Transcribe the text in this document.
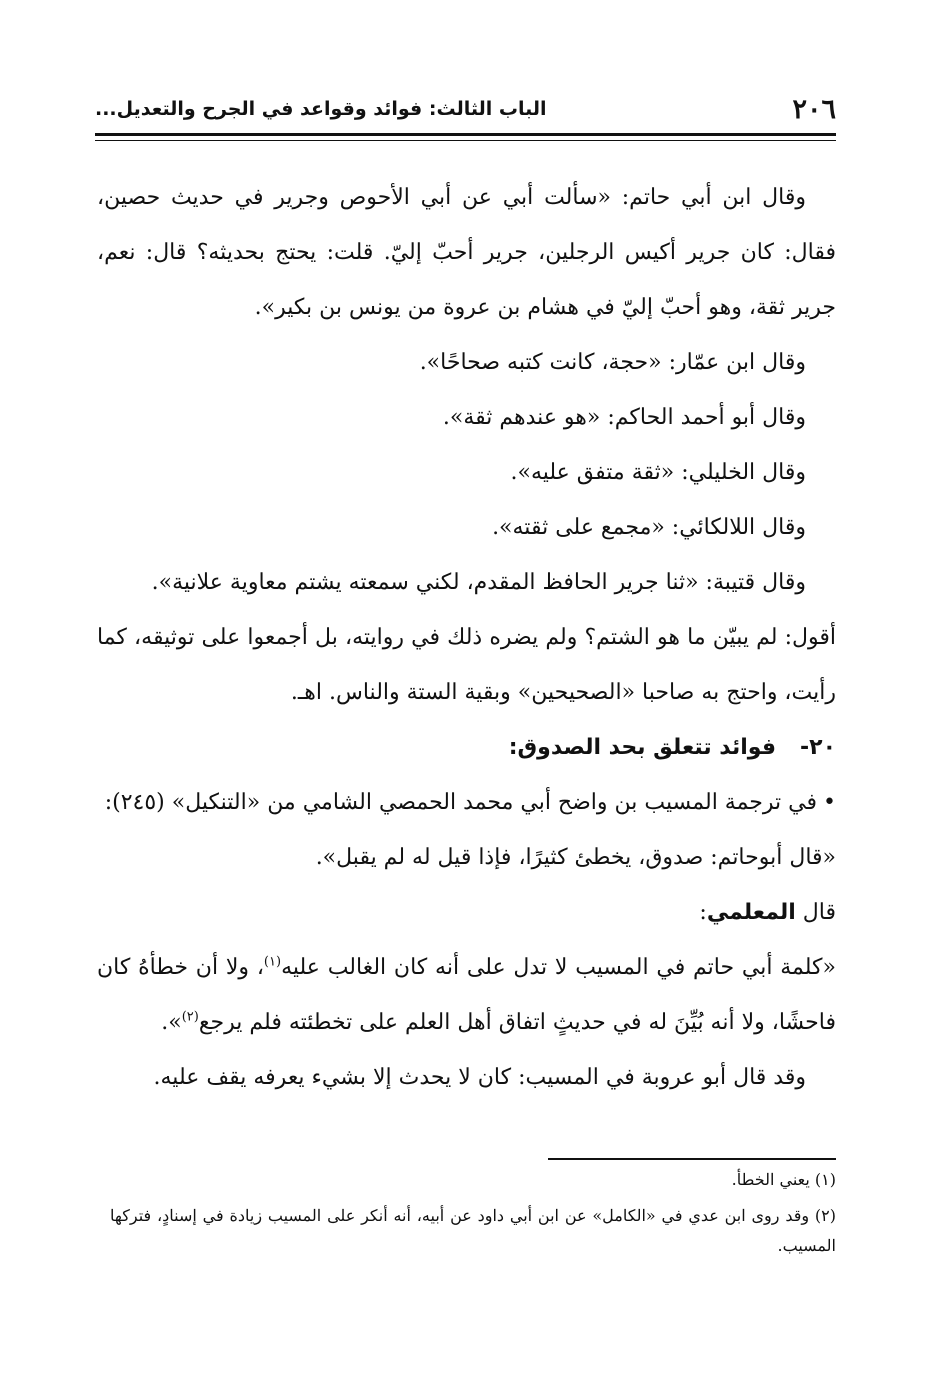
٢٠٦
الباب الثالث: فوائد وقواعد في الجرح والتعديل...

وقال ابن أبي حاتم: «سألت أبي عن أبي الأحوص وجرير في حديث حصين، فقال: كان جرير أكيس الرجلين، جرير أحبّ إليّ. قلت: يحتج بحديثه؟ قال: نعم، جرير ثقة، وهو أحبّ إليّ في هشام بن عروة من يونس بن بكير».

وقال ابن عمّار: «حجة، كانت كتبه صحاحًا».

وقال أبو أحمد الحاكم: «هو عندهم ثقة».

وقال الخليلي: «ثقة متفق عليه».

وقال اللالكائي: «مجمع على ثقته».

وقال قتيبة: «ثنا جرير الحافظ المقدم، لكني سمعته يشتم معاوية علانية».

أقول: لم يبيّن ما هو الشتم؟ ولم يضره ذلك في روايته، بل أجمعوا على توثيقه، كما رأيت، واحتج به صاحبا «الصحيحين» وبقية الستة والناس. اهـ.

٢٠-فوائد تتعلق بحد الصدوق:

•في ترجمة المسيب بن واضح أبي محمد الحمصي الشامي من «التنكيل» (٢٤٥):

«قال أبوحاتم: صدوق، يخطئ كثيرًا، فإذا قيل له لم يقبل».

قال المعلمي:

«كلمة أبي حاتم في المسيب لا تدل على أنه كان الغالب عليه$^{(١)}$، ولا أن خطأهُ كان فاحشًا، ولا أنه بُيِّنَ له في حديثٍ اتفاق أهل العلم على تخطئته فلم يرجع$^{(٢)}$».

وقد قال أبو عروبة في المسيب: كان لا يحدث إلا بشيء يعرفه يقف عليه.

(١) يعني الخطأ.

(٢) وقد روى ابن عدي في «الكامل» عن ابن أبي داود عن أبيه، أنه أنكر على المسيب زيادة في إسنادٍ، فتركها المسيب.
